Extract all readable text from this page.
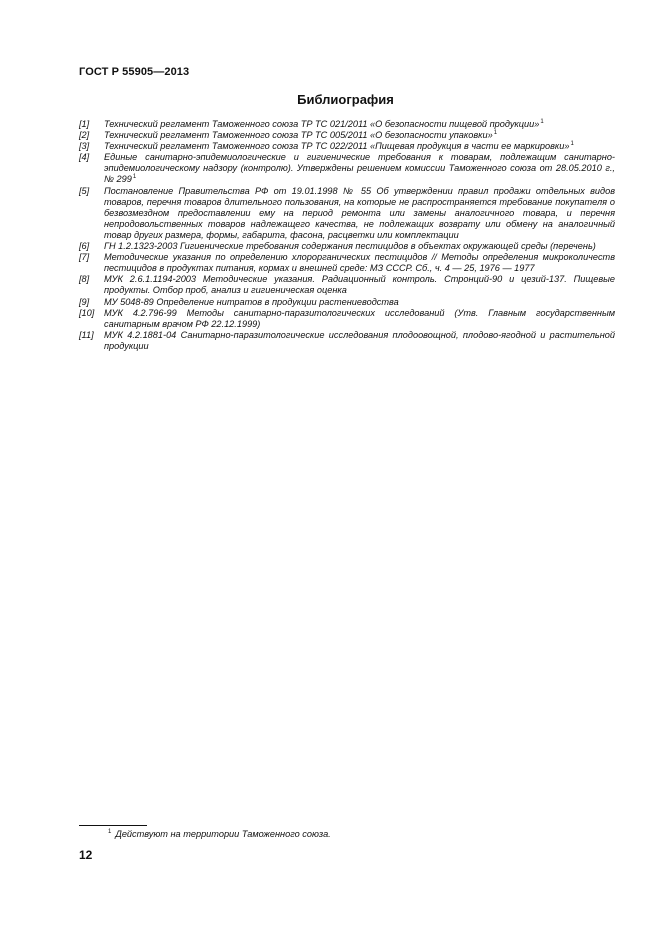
ГОСТ Р 55905—2013
Библиография
[1]	Технический регламент Таможенного союза ТР ТС 021/2011 «О безопасности пищевой продукции»$^1$
[2]	Технический регламент Таможенного союза ТР ТС 005/2011 «О безопасности упаковки»$^1$
[3]	Технический регламент Таможенного союза ТР ТС 022/2011 «Пищевая продукция в части ее маркировки»$^1$
[4]	Единые санитарно-эпидемиологические и гигиенические требования к товарам, подлежащим санитарно-эпидемиологическому надзору (контролю). Утверждены решением комиссии Таможенного союза от 28.05.2010 г., № 299$^1$
[5]	Постановление Правительства РФ от 19.01.1998 № 55 Об утверждении правил продажи отдельных видов товаров, перечня товаров длительного пользования, на которые не распространяется требование покупателя о безвозмездном предоставлении ему на период ремонта или замены аналогичного товара, и перечня непродовольственных товаров надлежащего качества, не подлежащих возврату или обмену на аналогичный товар других размера, формы, габарита, фасона, расцветки или комплектации
[6]	ГН 1.2.1323-2003 Гигиенические требования содержания пестицидов в объектах окружающей среды (перечень)
[7]	Методические указания по определению хлорорганических пестицидов // Методы определения микроколичеств пестицидов в продуктах питания, кормах и внешней среде: МЗ СССР. Сб., ч. 4 — 25, 1976 — 1977
[8]	МУК 2.6.1.1194-2003 Методические указания. Радиационный контроль. Стронций-90 и цезий-137. Пищевые продукты. Отбор проб, анализ и гигиеническая оценка
[9]	МУ 5048-89 Определение нитратов в продукции растениеводства
[10]	МУК 4.2.796-99 Методы санитарно-паразитологических исследований (Утв. Главным государственным санитарным врачом РФ 22.12.1999)
[11]	МУК 4.2.1881-04 Санитарно-паразитологические исследования плодоовощной, плодово-ягодной и растительной продукции
$^1$ Действуют на территории Таможенного союза.
12
